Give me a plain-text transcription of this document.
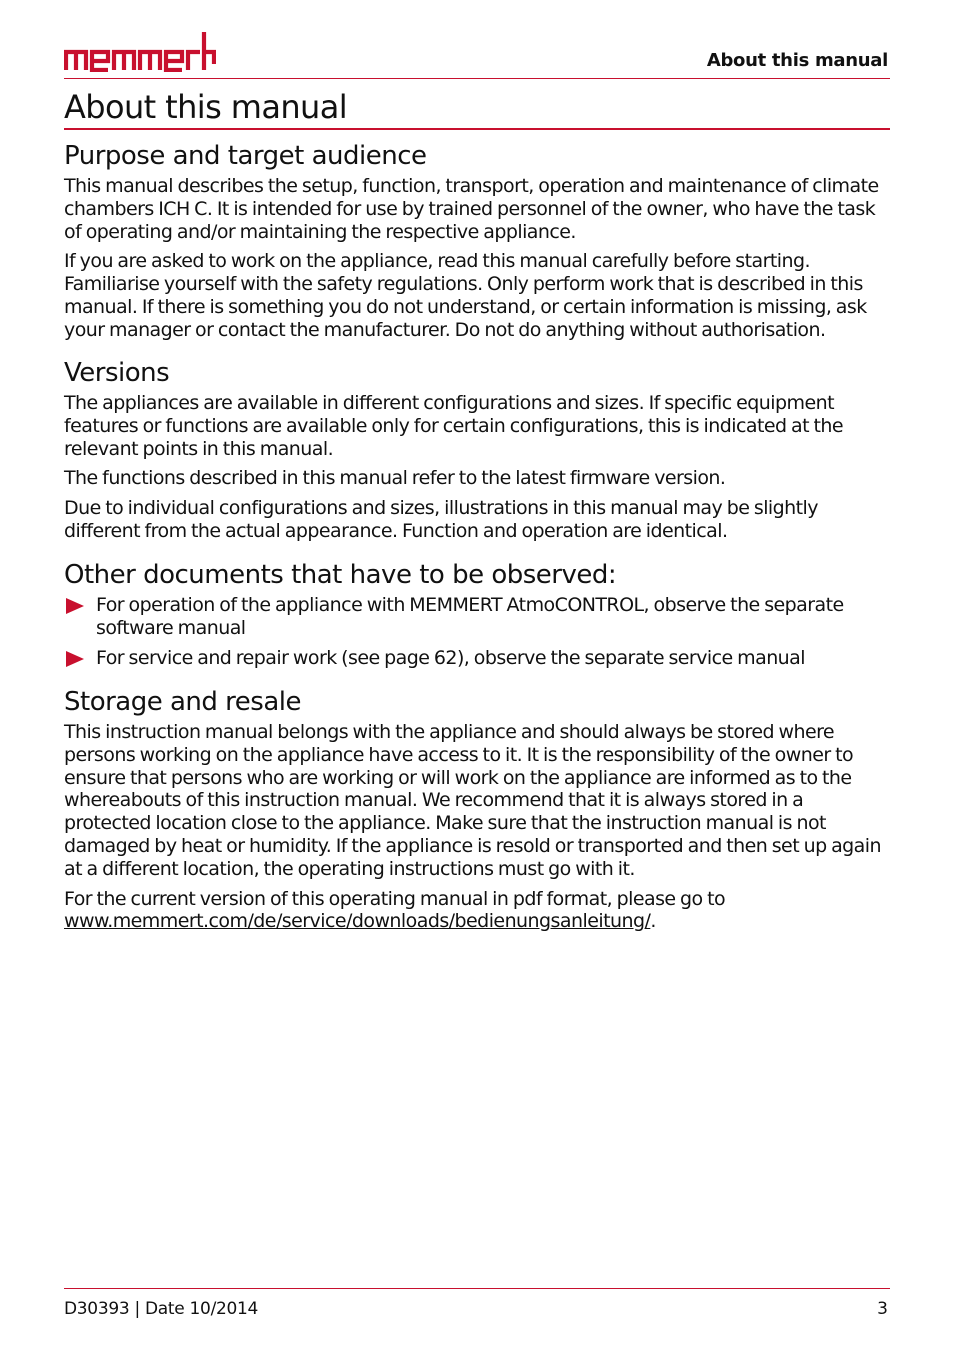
About this manual
About this manual
Purpose and target audience

This manual describes the setup, function, transport, operation and maintenance of climate chambers ICH C. It is intended for use by trained personnel of the owner, who have the task of operating and/or maintaining the respective appliance.

If you are asked to work on the appliance, read this manual carefully before starting. Familiarise yourself with the safety regulations. Only perform work that is described in this manual. If there is something you do not understand, or certain information is missing, ask your manager or contact the manufacturer. Do not do anything without authorisation.

Versions

The appliances are available in different configurations and sizes. If specific equipment features or functions are available only for certain configurations, this is indicated at the relevant points in this manual.

The functions described in this manual refer to the latest firmware version.

Due to individual configurations and sizes, illustrations in this manual may be slightly different from the actual appearance. Function and operation are identical.

Other documents that have to be observed:
For operation of the appliance with MEMMERT AtmoCONTROL, observe the separate software manual
For service and repair work (see page 62), observe the separate service manual
Storage and resale

This instruction manual belongs with the appliance and should always be stored where persons working on the appliance have access to it. It is the responsibility of the owner to ensure that persons who are working or will work on the appliance are informed as to the whereabouts of this instruction manual. We recommend that it is always stored in a protected location close to the appliance. Make sure that the instruction manual is not damaged by heat or humidity. If the appliance is resold or transported and then set up again at a different location, the operating instructions must go with it.

For the current version of this operating manual in pdf format, please go to
www.memmert.com/de/service/downloads/bedienungsanleitung/.

D30393 | Date 10/2014	3
